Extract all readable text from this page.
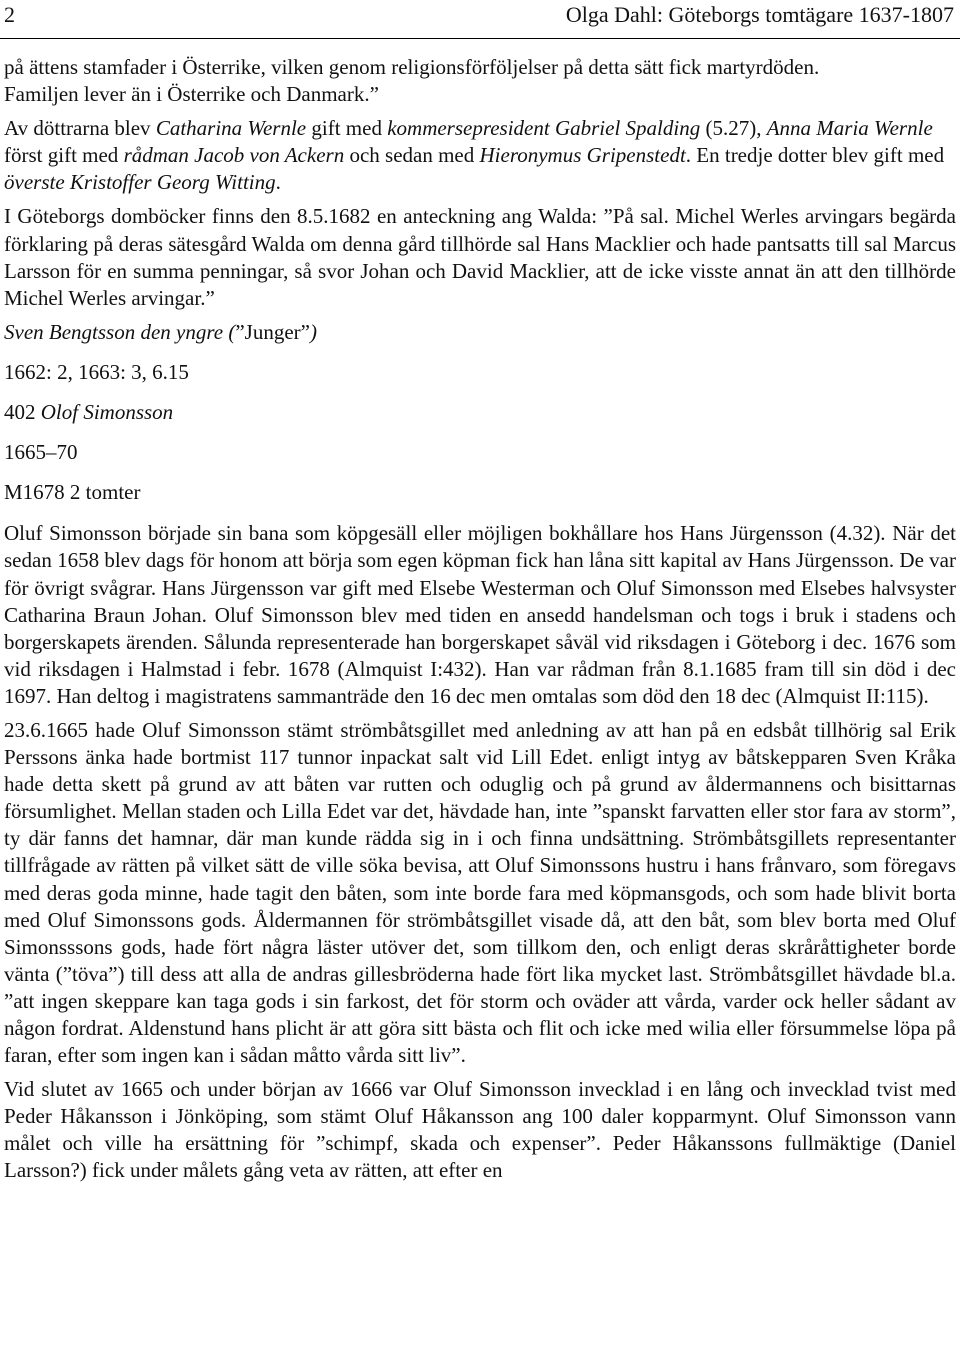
2	Olga Dahl: Göteborgs tomtägare 1637-1807

på ättens stamfader i Österrike, vilken genom religionsförföljelser på detta sätt fick martyrdöden.
Familjen lever än i Österrike och Danmark.”

Av döttrarna blev Catharina Wernle gift med kommersepresident Gabriel Spalding (5.27), Anna Maria Wernle först gift med rådman Jacob von Ackern och sedan med Hieronymus Gripenstedt. En tredje dotter blev gift med överste Kristoffer Georg Witting.

I Göteborgs domböcker finns den 8.5.1682 en anteckning ang Walda: ”På sal. Michel Werles arvingars begärda förklaring på deras sätesgård Walda om denna gård tillhörde sal Hans Macklier och hade pantsatts till sal Marcus Larsson för en summa penningar, så svor Johan och David Macklier, att de icke visste annat än att den tillhörde Michel Werles arvingar.”

Sven Bengtsson den yngre (”Junger”)

1662: 2, 1663: 3, 6.15

402 Olof Simonsson

1665–70

M1678 2 tomter

Oluf Simonsson började sin bana som köpgesäll eller möjligen bokhållare hos Hans Jürgensson (4.32). När det sedan 1658 blev dags för honom att börja som egen köpman fick han låna sitt kapital av Hans Jürgensson. De var för övrigt svågrar. Hans Jürgensson var gift med Elsebe Westerman och Oluf Simonsson med Elsebes halvsyster Catharina Braun Johan. Oluf Simonsson blev med tiden en ansedd handelsman och togs i bruk i stadens och borgerskapets ärenden. Sålunda representerade han borgerskapet såväl vid riksdagen i Göteborg i dec. 1676 som vid riksdagen i Halmstad i febr. 1678 (Almquist I:432). Han var rådman från 8.1.1685 fram till sin död i dec 1697. Han deltog i magistratens sammanträde den 16 dec men omtalas som död den 18 dec (Almquist II:115).

23.6.1665 hade Oluf Simonsson stämt strömbåtsgillet med anledning av att han på en edsbåt tillhörig sal Erik Perssons änka hade bortmist 117 tunnor inpackat salt vid Lill Edet. enligt intyg av båtskepparen Sven Kråka hade detta skett på grund av att båten var rutten och oduglig och på grund av åldermannens och bisittarnas försumlighet. Mellan staden och Lilla Edet var det, hävdade han, inte ”spanskt farvatten eller stor fara av storm”, ty där fanns det hamnar, där man kunde rädda sig in i och finna undsättning. Strömbåtsgillets representanter tillfrågade av rätten på vilket sätt de ville söka bevisa, att Oluf Simonssons hustru i hans frånvaro, som föregavs med deras goda minne, hade tagit den båten, som inte borde fara med köpmansgods, och som hade blivit borta med Oluf Simonssons gods. Åldermannen för strömbåtsgillet visade då, att den båt, som blev borta med Oluf Simonsssons gods, hade fört några läster utöver det, som tillkom den, och enligt deras skråråttigheter borde vänta (”töva”) till dess att alla de andras gillesbröderna hade fört lika mycket last. Strömbåtsgillet hävdade bl.a. ”att ingen skeppare kan taga gods i sin farkost, det för storm och oväder att vårda, varder ock heller sådant av någon fordrat. Aldenstund hans plicht är att göra sitt bästa och flit och icke med wilia eller försummelse löpa på faran, efter som ingen kan i sådan måtto vårda sitt liv”.

Vid slutet av 1665 och under början av 1666 var Oluf Simonsson invecklad i en lång och invecklad tvist med Peder Håkansson i Jönköping, som stämt Oluf Håkansson ang 100 daler kopparmynt. Oluf Simonsson vann målet och ville ha ersättning för ”schimpf, skada och expenser”. Peder Håkanssons fullmäktige (Daniel Larsson?) fick under målets gång veta av rätten, att efter en
